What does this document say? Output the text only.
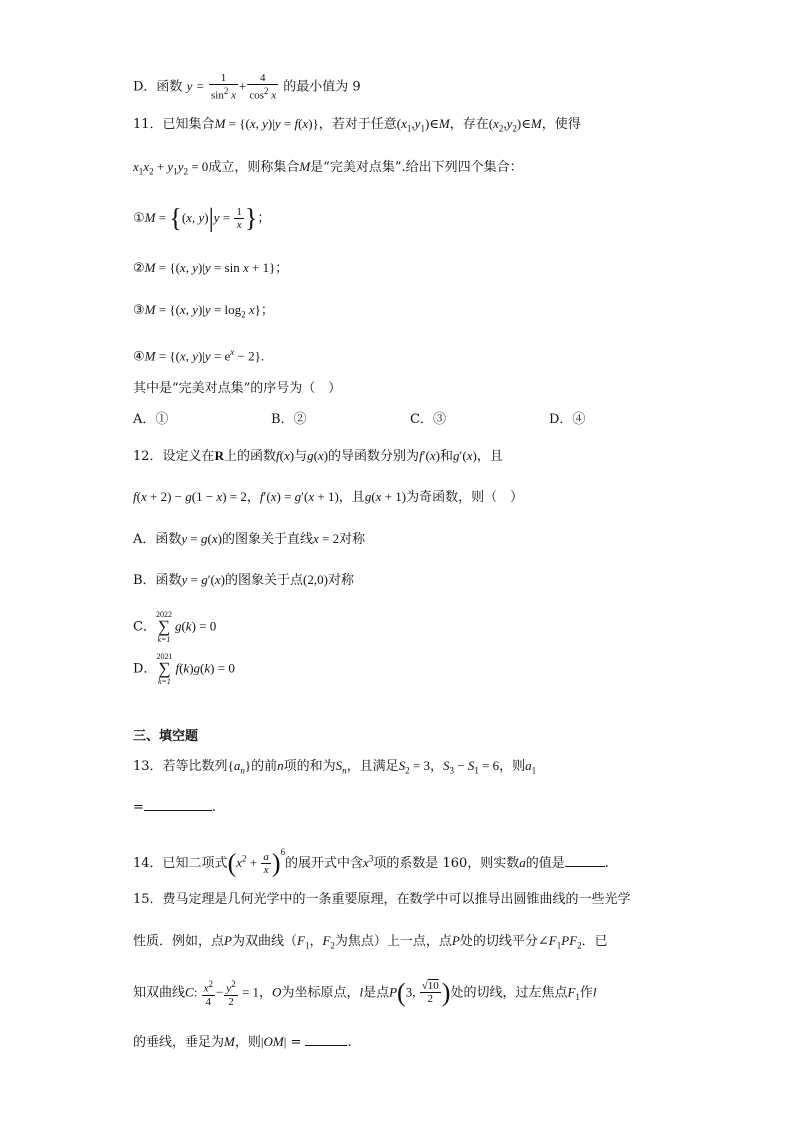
D．函数 $y = \frac{1}{\sin^2 x} + \frac{4}{\cos^2 x}$ 的最小值为 9
11．已知集合M = {(x, y)|y = f(x)}，若对于任意$(x_1,y_1)\in M$，存在$(x_2,y_2)\in M$，使得
$x_1x_2 + y_1y_2 = 0$成立，则称集合M是“完美对点集”.给出下列四个集合：
①M = {(x, $y)|y = \frac{1}{x}$ }；
②M = {(x, y)|y = sin x + 1}；
③M = {(x, $y)|y = \log_2 x$}；
④M = {(x, $y)|y = e^x - 2$}.
其中是“完美对点集”的序号为（　）
A．①	B．②	C．③	D．④
12．设定义在R上的函数f(x)与g(x)的导函数分别为f′(x)和g′(x)，且
f(x + 2) − g(1 − x) = 2，f′(x) = g′(x + 1)，且g(x + 1)为奇函数，则（　）
A．函数y = g(x)的图象关于直线x = 2对称
B．函数y = g′(x)的图象关于点(2,0)对称
C．2022
∑
k=1g(k) = 0
D．2021
∑
k=1f(k)g(k) = 0
三、填空题
13．若等比数列$\{a_n\}$的前n项的和为$S_n$，且满足$S_2 = 3$，$S_3 - S_1 = 6$，则$a_1$
=	.
14．已知二项式$(x^2 + \frac{a}{x} )^6$的展开式中含$x^3$项的系数是 160，则实数a的值是	.
15．费马定理是几何光学中的一条重要原理，在数学中可以推导出圆锥曲线的一些光学
性质．例如，点P为双曲线（$F_1$，$F_2$为焦点）上一点，点P处的切线平分$\angle F_1PF_2$．已
知双曲线C: $\frac{x^2}{4} - \frac{y^2}{2} = 1$，O为坐标原点，l是点P(3, $\frac{√10}{2}$ )处的切线，过左焦点$F_1$作l
的垂线，垂足为M，则|OM| =	.
